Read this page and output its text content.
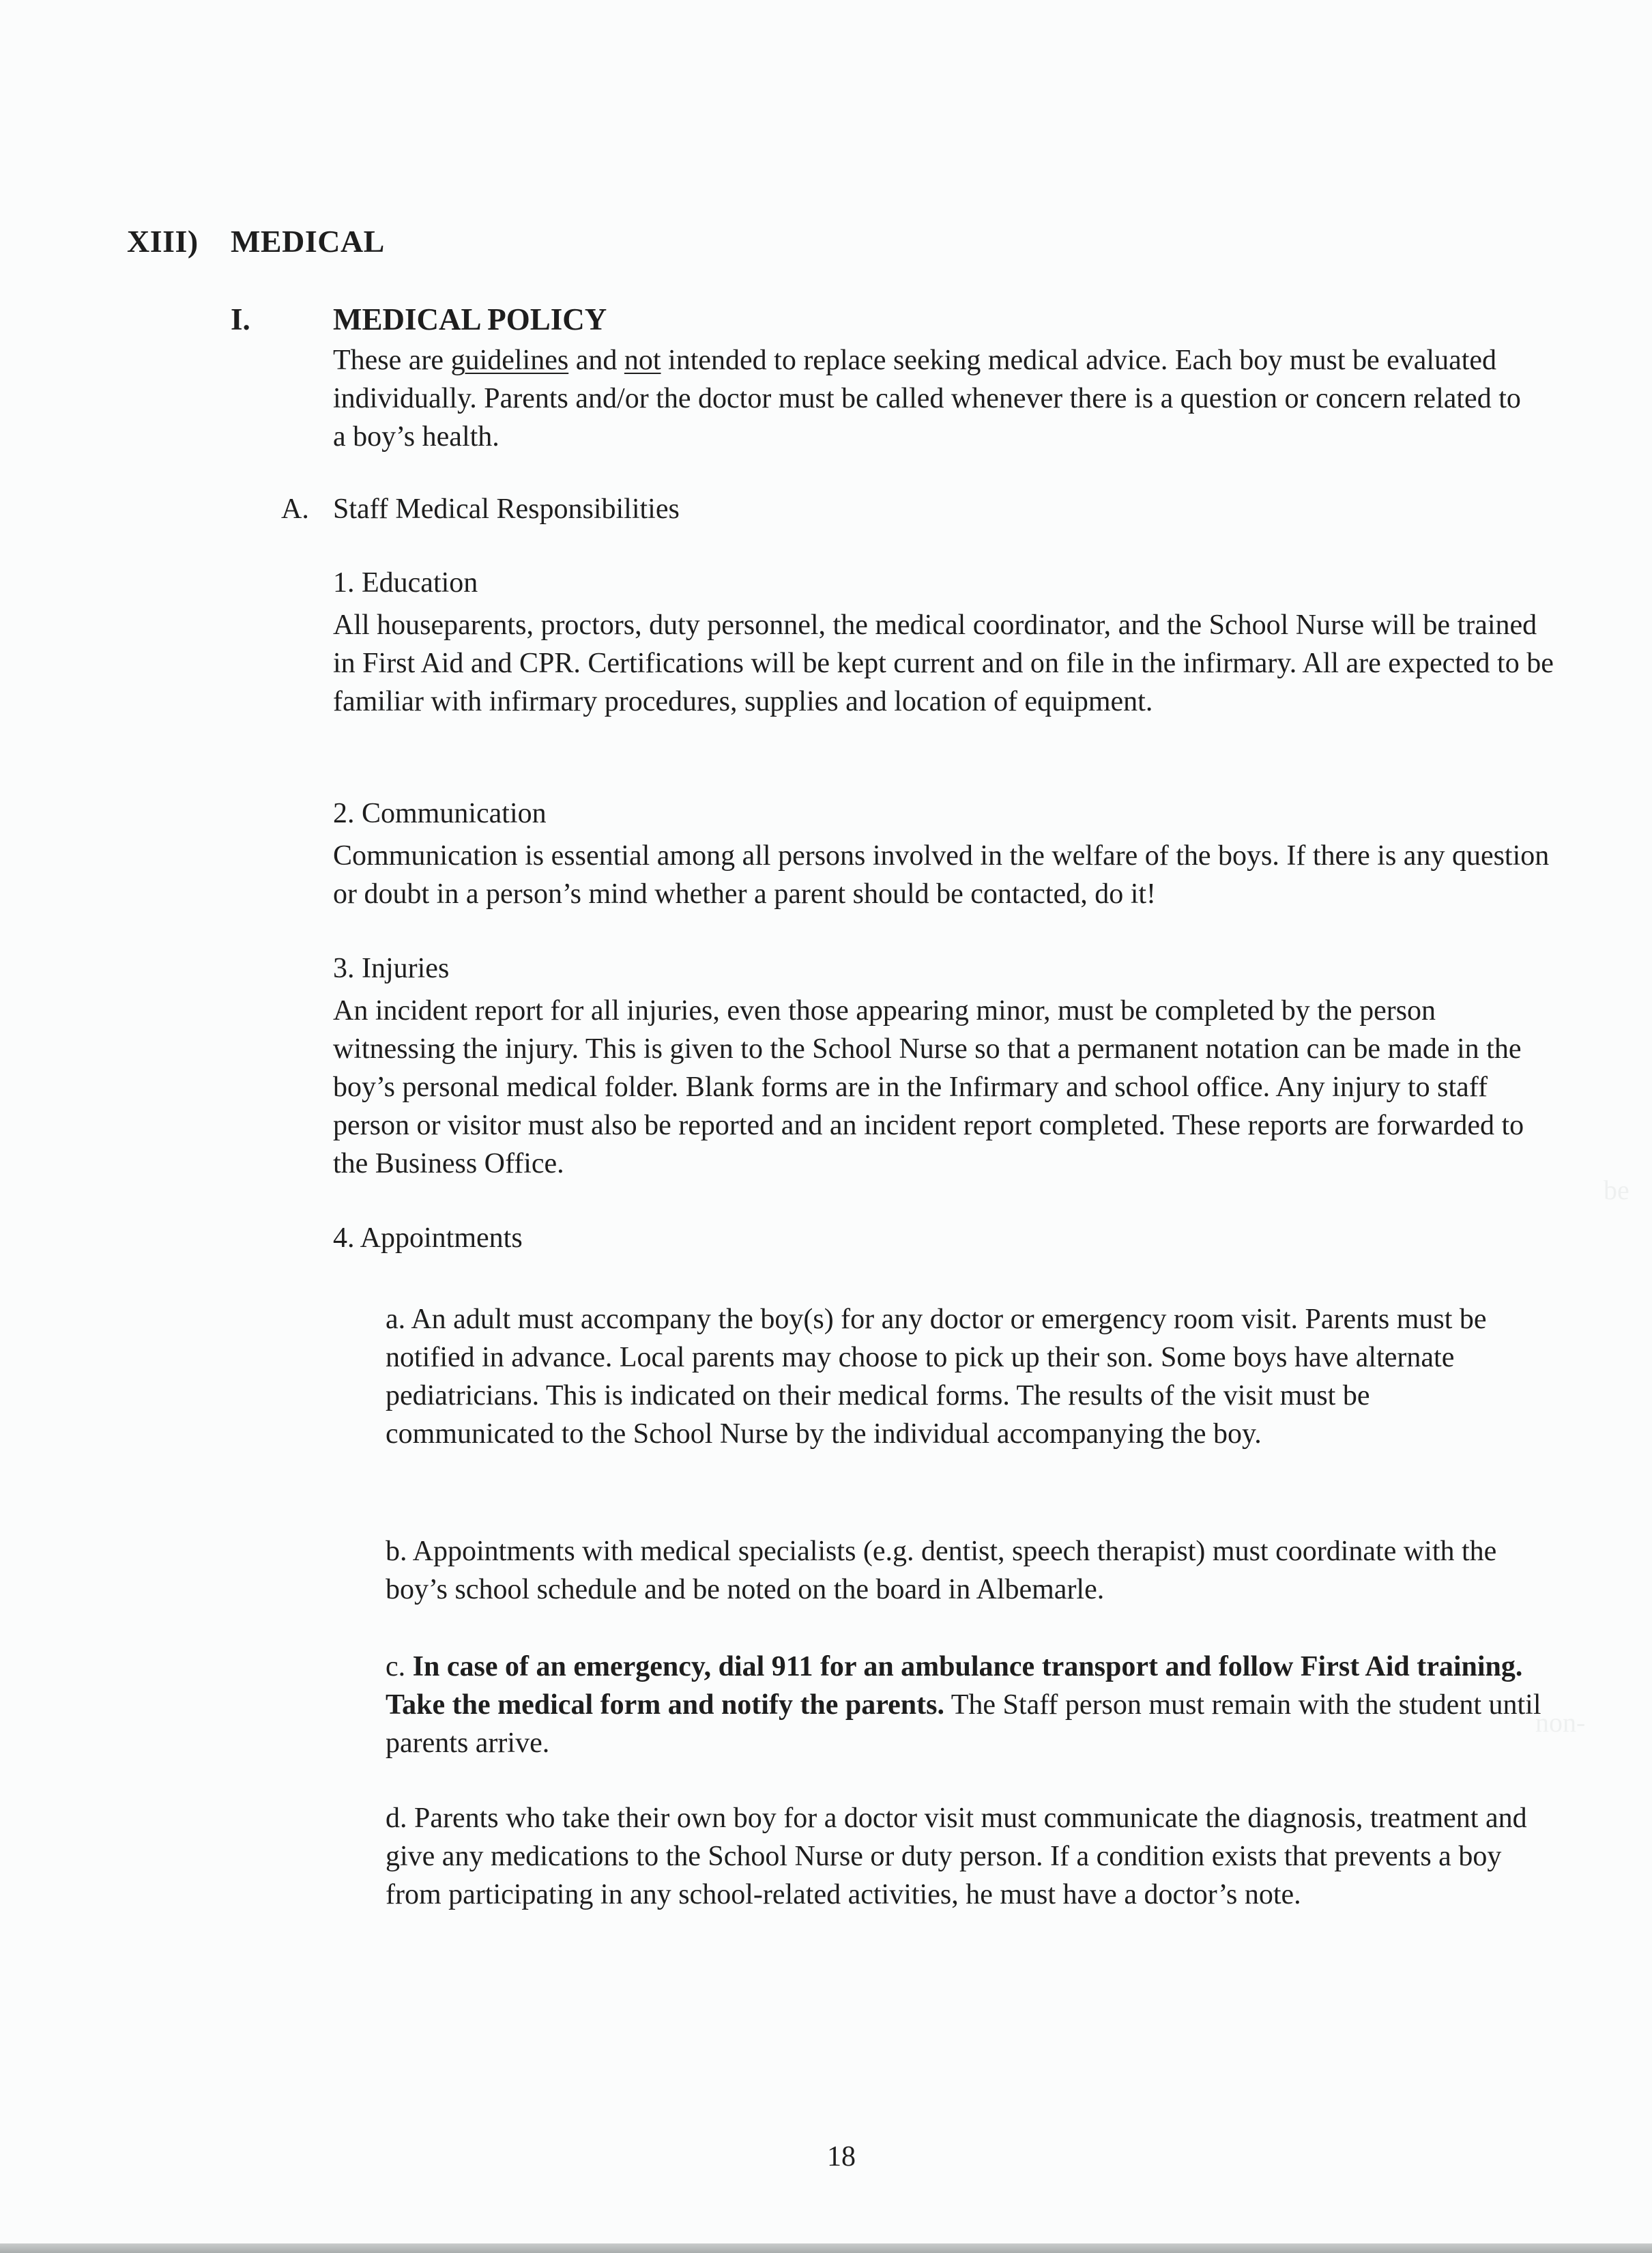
be
non-
XIII) MEDICAL
I.	MEDICAL POLICY

These are guidelines and not intended to replace seeking medical advice. Each boy must be evaluated individually. Parents and/or the doctor must be called whenever there is a question or concern related to a boy’s health.

A. Staff Medical Responsibilities
1. Education

All houseparents, proctors, duty personnel, the medical coordinator, and the School Nurse will be trained in First Aid and CPR. Certifications will be kept current and on file in the infirmary. All are expected to be familiar with infirmary procedures, supplies and location of equipment.

2. Communication

Communication is essential among all persons involved in the welfare of the boys. If there is any question or doubt in a person’s mind whether a parent should be contacted, do it!

3. Injuries

An incident report for all injuries, even those appearing minor, must be completed by the person witnessing the injury. This is given to the School Nurse so that a permanent notation can be made in the boy’s personal medical folder. Blank forms are in the Infirmary and school office. Any injury to staff person or visitor must also be reported and an incident report completed. These reports are forwarded to the Business Office.

4. Appointments

a. An adult must accompany the boy(s) for any doctor or emergency room visit. Parents must be notified in advance. Local parents may choose to pick up their son. Some boys have alternate pediatricians. This is indicated on their medical forms. The results of the visit must be communicated to the School Nurse by the individual accompanying the boy.

b. Appointments with medical specialists (e.g. dentist, speech therapist) must coordinate with the boy’s school schedule and be noted on the board in Albemarle.

c. In case of an emergency, dial 911 for an ambulance transport and follow First Aid training. Take the medical form and notify the parents. The Staff person must remain with the student until parents arrive.

d. Parents who take their own boy for a doctor visit must communicate the diagnosis, treatment and give any medications to the School Nurse or duty person. If a condition exists that prevents a boy from participating in any school-related activities, he must have a doctor’s note.

18
